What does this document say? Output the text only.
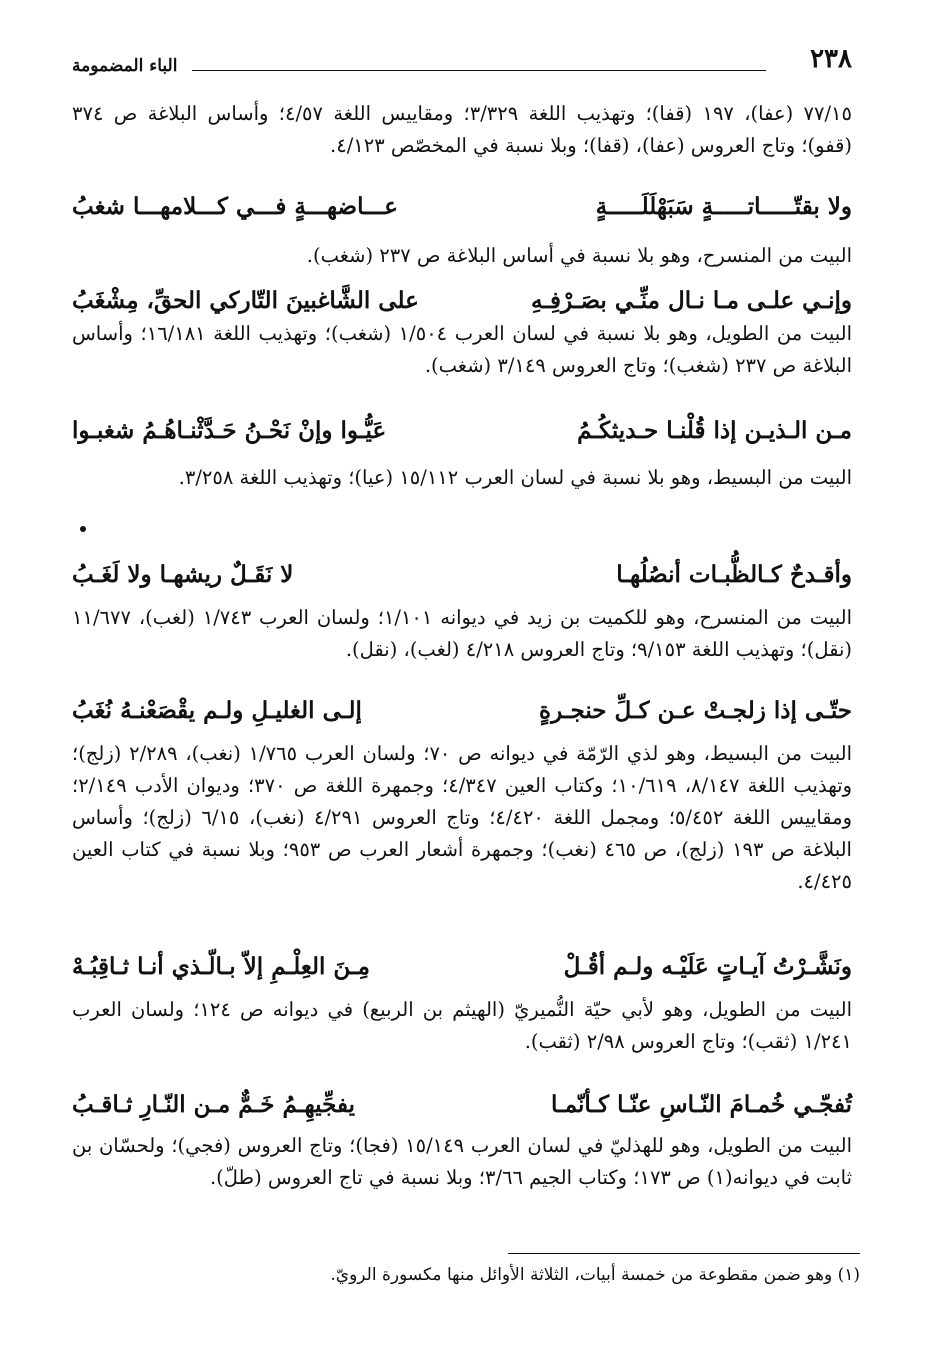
٢٣٨
الباء المضمومة
٧٧/١٥ (عفا)، ١٩٧ (قفا)؛ وتهذيب اللغة ٣/٣٢٩؛ ومقاييس اللغة ٤/٥٧؛ وأساس البلاغة ص ٣٧٤ (قفو)؛ وتاج العروس (عفا)، (قفا)؛ وبلا نسبة في المخصّص ٤/١٢٣.
ولا بقتّـــــاتـــــةٍ سَبَهْلَلَـــــةٍ
عـــاضهـــةٍ فـــي كـــلامهـــا شغبُ
البيت من المنسرح، وهو بلا نسبة في أساس البلاغة ص ٢٣٧ (شغب).
وإنـي علـى مـا نـال منِّـي بصَـرْفِـهِ
على الشَّاغبينَ التّاركي الحقِّ، مِشْغَبُ
البيت من الطويل، وهو بلا نسبة في لسان العرب ١/٥٠٤ (شغب)؛ وتهذيب اللغة ١٦/١٨١؛ وأساس البلاغة ص ٢٣٧ (شغب)؛ وتاج العروس ٣/١٤٩ (شغب).
مـن الـذيـن إذا قُلْنـا حـديثكُـمُ
عَيُّـوا وإنْ نَحْـنُ حَـدَّثْنـاهُـمُ شغبـوا
البيت من البسيط، وهو بلا نسبة في لسان العرب ١٥/١١٢ (عيا)؛ وتهذيب اللغة ٣/٢٥٨.
وأقـدحٌ كـالظُّبـات أنصُلُهـا
لا نَقَـلٌ ريشهـا ولا لَغَـبُ
البيت من المنسرح، وهو للكميت بن زيد في ديوانه ١/١٠١؛ ولسان العرب ١/٧٤٣ (لغب)، ١١/٦٧٧ (نقل)؛ وتهذيب اللغة ٩/١٥٣؛ وتاج العروس ٤/٢١٨ (لغب)، (نقل).
حتّـى إذا زلجـتْ عـن كـلِّ حنجـرةٍ
إلـى الغليـلِ ولـم يقْصَعْنـهُ نُغَبُ
البيت من البسيط، وهو لذي الرّمّة في ديوانه ص ٧٠؛ ولسان العرب ١/٧٦٥ (نغب)، ٢/٢٨٩ (زلج)؛ وتهذيب اللغة ٨/١٤٧، ١٠/٦١٩؛ وكتاب العين ٤/٣٤٧؛ وجمهرة اللغة ص ٣٧٠؛ وديوان الأدب ٢/١٤٩؛ ومقاييس اللغة ٥/٤٥٢؛ ومجمل اللغة ٤/٤٢٠؛ وتاج العروس ٤/٢٩١ (نغب)، ٦/١٥ (زلج)؛ وأساس البلاغة ص ١٩٣ (زلج)، ص ٤٦٥ (نغب)؛ وجمهرة أشعار العرب ص ٩٥٣؛ وبلا نسبة في كتاب العين ٤/٤٢٥.
ونَشَّـرْتُ آيـاتٍ عَلَيْـه ولـم أقُـلْ
مِـنَ العِلْـمِ إلاّ بـالّـذي أنـا ثـاقِبُـهْ
البيت من الطويل، وهو لأبي حيّة النُّميريّ (الهيثم بن الربيع) في ديوانه ص ١٢٤؛ ولسان العرب ١/٢٤١ (ثقب)؛ وتاج العروس ٢/٩٨ (ثقب).
تُفجّـي خُمـامَ النّـاسِ عنّـا كـأنّمـا
يفجِّيهِـمُ خَـمٌّ مـن النّـارِ ثـاقـبُ
البيت من الطويل، وهو للهذليّ في لسان العرب ١٥/١٤٩ (فجا)؛ وتاج العروس (فجي)؛ ولحسّان بن ثابت في ديوانه(١) ص ١٧٣؛ وكتاب الجيم ٣/٦٦؛ وبلا نسبة في تاج العروس (طلّ).
(١) وهو ضمن مقطوعة من خمسة أبيات، الثلاثة الأوائل منها مكسورة الرويّ.
